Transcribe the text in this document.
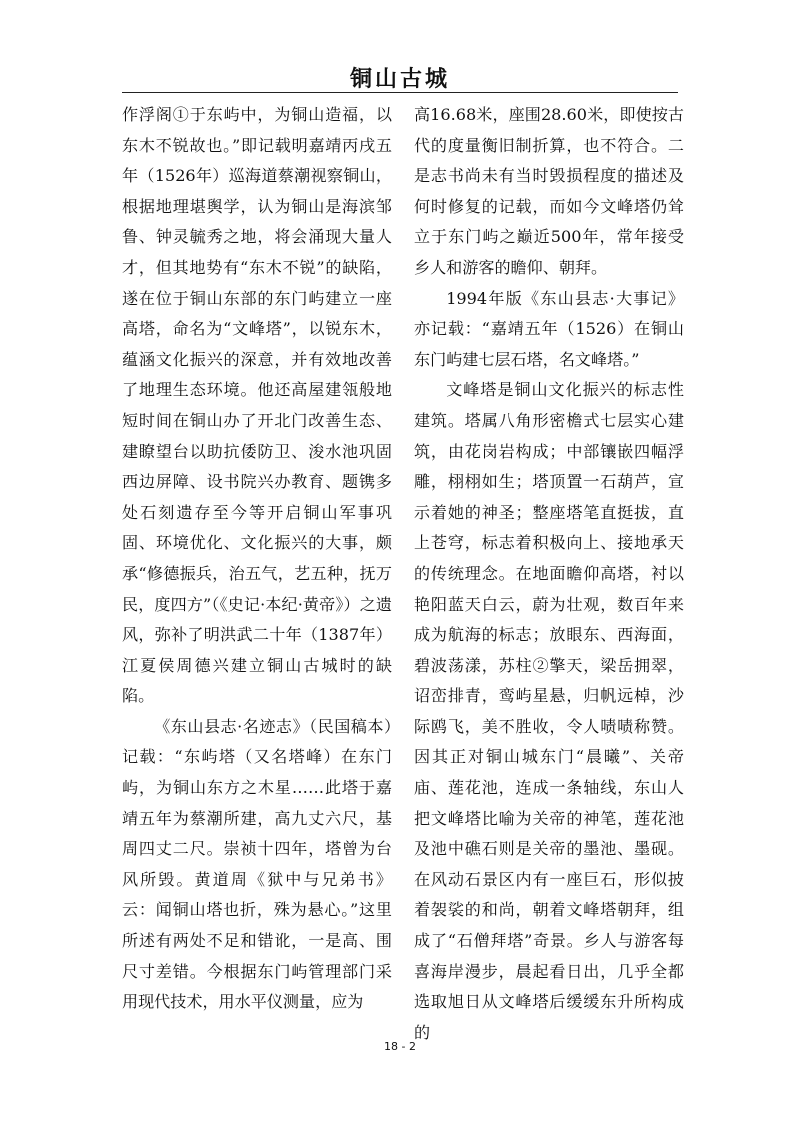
铜山古城

作浮阁①于东屿中，为铜山造福，以东木不锐故也。”即记载明嘉靖丙戌五年（1526年）巡海道蔡潮视察铜山，根据地理堪舆学，认为铜山是海滨邹鲁、钟灵毓秀之地，将会涌现大量人才，但其地势有“东木不锐”的缺陷，遂在位于铜山东部的东门屿建立一座高塔，命名为“文峰塔”，以锐东木，蕴涵文化振兴的深意，并有效地改善了地理生态环境。他还高屋建瓴般地短时间在铜山办了开北门改善生态、建瞭望台以助抗倭防卫、浚水池巩固西边屏障、设书院兴办教育、题镌多处石刻遗存至今等开启铜山军事巩固、环境优化、文化振兴的大事，颇承“修德振兵，治五气，艺五种，抚万民，度四方”（《史记·本纪·黄帝》）之遗风，弥补了明洪武二十年（1387年）江夏侯周德兴建立铜山古城时的缺陷。

《东山县志·名迹志》（民国稿本）记载：“东屿塔（又名塔峰）在东门屿，为铜山东方之木星……此塔于嘉靖五年为蔡潮所建，高九丈六尺，基周四丈二尺。崇祯十四年，塔曾为台风所毁。黄道周《狱中与兄弟书》云：闻铜山塔也折，殊为悬心。”这里所述有两处不足和错讹，一是高、围尺寸差错。今根据东门屿管理部门采用现代技术，用水平仪测量，应为

高16.68米，座围28.60米，即使按古代的度量衡旧制折算，也不符合。二是志书尚未有当时毁损程度的描述及何时修复的记载，而如今文峰塔仍耸立于东门屿之巅近500年，常年接受乡人和游客的瞻仰、朝拜。

1994年版《东山县志·大事记》亦记载：“嘉靖五年（1526）在铜山东门屿建七层石塔，名文峰塔。”

文峰塔是铜山文化振兴的标志性建筑。塔属八角形密檐式七层实心建筑，由花岗岩构成；中部镶嵌四幅浮雕，栩栩如生；塔顶置一石葫芦，宣示着她的神圣；整座塔笔直挺拔，直上苍穹，标志着积极向上、接地承天的传统理念。在地面瞻仰高塔，衬以艳阳蓝天白云，蔚为壮观，数百年来成为航海的标志；放眼东、西海面，碧波荡漾，苏柱②擎天，梁岳拥翠，诏峦排青，鸾屿星悬，归帆远棹，沙际鸥飞，美不胜收，令人啧啧称赞。因其正对铜山城东门“晨曦”、关帝庙、莲花池，连成一条轴线，东山人把文峰塔比喻为关帝的神笔，莲花池及池中礁石则是关帝的墨池、墨砚。在风动石景区内有一座巨石，形似披着袈裟的和尚，朝着文峰塔朝拜，组成了“石僧拜塔”奇景。乡人与游客每喜海岸漫步，晨起看日出，几乎全都选取旭日从文峰塔后缓缓东升所构成的

18 - 2
